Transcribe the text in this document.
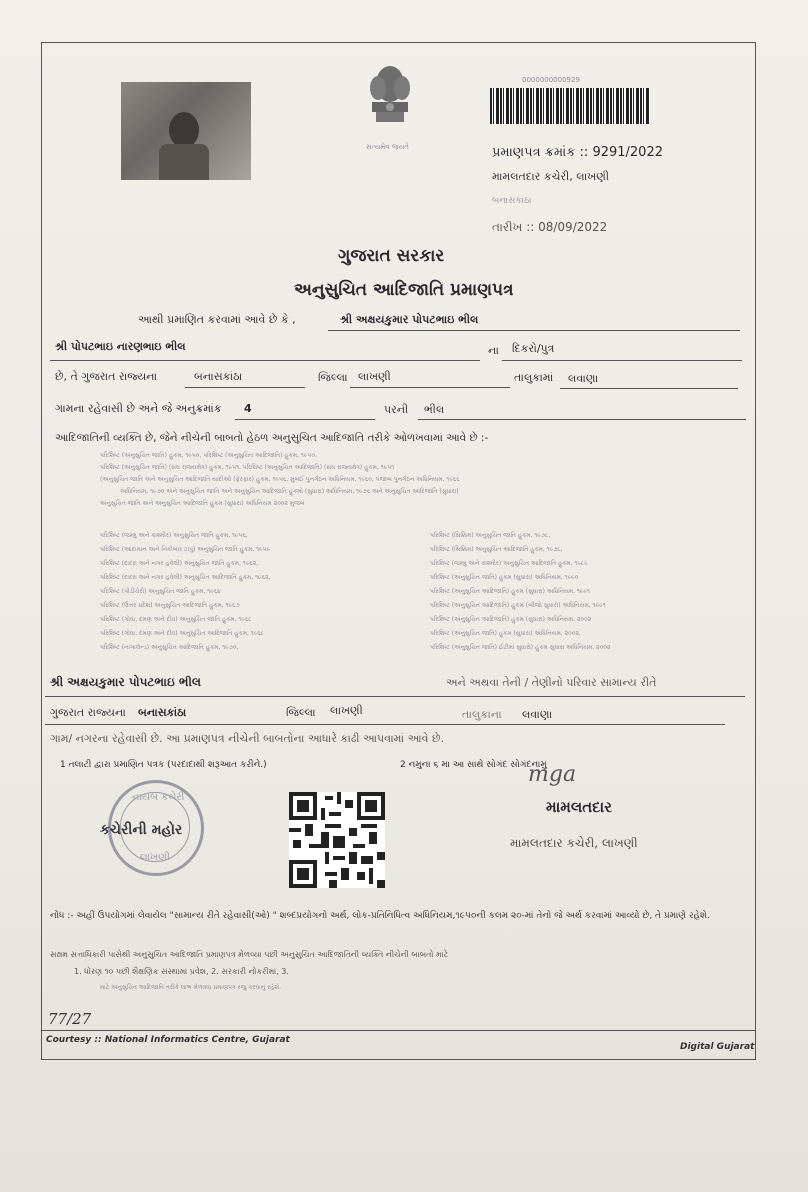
સત્યમેવ જયતે
0000000000929
પ્રમાણપત્ર ક્રમાંક :: 9291/2022
મામલતદાર કચેરી, લાખણી
બનાસકાંઠા
તારીખ :: 08/09/2022
ગુજરાત સરકાર
અનુસુચિત આદિજાતિ પ્રમાણપત્ર
આથી પ્રમાણિત કરવામાં આવે છે કે ,	શ્રી અક્ષયકુમાર પોપટભાઇ ભીલ
શ્રી પોપટભાઇ નારણભાઇ ભીલ	ના દિકરો/પુત્ર
છે, તે ગુજરાત રાજ્યના	બનાસકાંઠા	જિલ્લા લાખણી	તાલુકામાં લવાણા
ગામના રહેવાસી છે અને જે અનુક્રમાંક 4	પરની ભીલ
આદિજાતિની વ્યક્તિ છે, જેને નીચેની બાબતો હેઠળ અનુસુચિત આદિજાતિ તરીકે ઓળખવામાં આવે છે :-
પરિશિષ્ટ (અનુસુચિત જાતિ) હુકમ, ૧૯૫૦, પરિશિષ્ટ (અનુસુચિત આદિજાતિ) હુકમ, ૧૯૫૦,
પરિશિષ્ટ (અનુસુચિત જાતિ) (સંઘ રાજ્યક્ષેત્ર) હુકમ, ૧૯૫૧, પરિશિષ્ટ (અનુસુચિત આદિજાતિ) (સંઘ રાજ્યક્ષેત્ર) હુકમ, ૧૯૫૧
(અનુસુચિત જાતિ અને અનુસુચિત આદિજાતિ યાદીઓ (ફેરફાર) હુકમ, ૧૯૫૬, મુંબઈ પુનર્ગઠન અધિનિયમ, ૧૯૬૦, પંજાબ પુનર્ગઠન અધિનિયમ, ૧૯૬૬
અધિનિયમ, ૧૯૭૦ અને અનુસુચિત જાતિ અને અનુસુચિત આદિજાતિ હુકમો (સુધારા) અધિનિયમ, ૧૯૭૬ અને અનુસુચિત આદિજાતિ (સુધારા)
અનુસુચિત જાતિ અને અનુસુચિત આદિજાતિ હુકમ (સુધારા) અધિનિયમ ૨૦૦૨ મુજબ
પરિશિષ્ટ (જમ્મુ અને કાશ્મીર) અનુસુચિત જાતિ હુકમ, ૧૯૫૬,
પરિશિષ્ટ (આંદામાન અને નિકોબાર ટાપુ) અનુસુચિત જાતિ હુકમ, ૧૯૫૯
પરિશિષ્ટ (દાદરા અને નગર હવેલી) અનુસુચિત જાતિ હુકમ, ૧૯૬૨,
પરિશિષ્ટ (દાદરા અને નગર હવેલી) અનુસુચિત આદિજાતિ હુકમ, ૧૯૬૨,
પરિશિષ્ટ (પોંડીચેરી) અનુસુચિત જાતિ હુકમ, ૧૯૬૪
પરિશિષ્ટ (ઉત્તર પ્રદેશ) અનુસુચિત આદિજાતિ હુકમ, ૧૯૬૭
પરિશિષ્ટ (ગોવા, દમણ અને દીવ) અનુસુચિત જાતિ હુકમ, ૧૯૬૮
પરિશિષ્ટ (ગોવા, દમણ અને દીવ) અનુસુચિત આદિજાતિ હુકમ, ૧૯૬૮
પરિશિષ્ટ (નાગાલેન્ડ) અનુસુચિત આદિજાતિ હુકમ, ૧૯૭૦,
પરિશિષ્ટ (સિક્કિમ) અનુસુચિત જાતિ હુકમ, ૧૯૭૮,
પરિશિષ્ટ (સિક્કિમ) અનુસુચિત આદિજાતિ હુકમ, ૧૯૭૮,
પરિશિષ્ટ (જમ્મુ અને કાશ્મીર) અનુસુચિત આદિજાતિ હુકમ, ૧૯૮૯
પરિશિષ્ટ (અનુસુચિત જાતિ) હુકમ (સુધારા) અધિનિયમ, ૧૯૯૦
પરિશિષ્ટ (અનુસુચિત આદિજાતિ) હુકમ (સુધારા) અધિનિયમ, ૧૯૯૧
પરિશિષ્ટ (અનુસુચિત આદિજાતિ) હુકમ (બીજો સુધારો) અધિનિયમ, ૧૯૯૧
પરિશિષ્ટ (અનુસુચિત આદિજાતિ) હુકમ (સુધારા) અધિનિયમ, ૨૦૦૨
પરિશિષ્ટ (અનુસુચિત જાતિ) હુકમ (સુધારા) અધિનિયમ, ૨૦૦૨,
પરિશિષ્ટ (અનુસુચિત જાતિ) ઈટીમાં સુધારો) હુકમ સુધારા અધિનિયમ, ૨૦૦૨
શ્રી અક્ષયકુમાર પોપટભાઇ ભીલ	અને અથવા તેની / તેણીનો પરિવાર સામાન્ય રીતે
ગુજરાત રાજ્યના બનાસકાંઠા	જિલ્લા લાખણી	તાલુકાના લવાણા
ગામ/ નગરના રહેવાસી છે. આ પ્રમાણપત્ર નીચેની બાબતોના આધારે કાઢી આપવામાં આવે છે.
1 તલાટી દ્વારા પ્રમાણિત પત્રક (પરદાદાથી શરૂઆત કરીને.)	2 નમુના ૬ મા આ સાથે સોગંદ સોગંદનામુ
નાયબ કચેરી
કચેરીની મહોર
લાખણી
mga
મામલતદાર
મામલતદાર કચેરી, લાખણી
નોંધ :- અહીં ઉપયોગમાં લેવાયેલ "સામાન્ય રીતે રહેવાસી(ઓ) " શબ્દપ્રયોગનો અર્થ, લોક-પ્રતિનિધિત્વ અધિનિયમ,૧૯૫૦ની કલમ ૨૦-માં તેનો જે અર્થ કરવામાં આવ્યો છે, તે પ્રમાણે રહેશે.
સક્ષમ સત્તાધિકારી પાસેથી અનુસુચિત આદિજાતિ પ્રમાણપત્ર મેળવ્યા પછી અનુસુચિત આદિજાતિની વ્યક્તિ નીચેની બાબતો માટે
1. ધોરણ ૧૦ પછી શૈક્ષણિક સંસ્થામાં પ્રવેશ, 2. સરકારી નોકરીમાં, 3.
માટે અનુસુચિત આદિજાતિ તરીકે લાભ મેળવવા પ્રમાણપત્ર રજુ કરવાનું રહેશે.
77/27
Courtesy :: National Informatics Centre, Gujarat
Digital Gujarat
